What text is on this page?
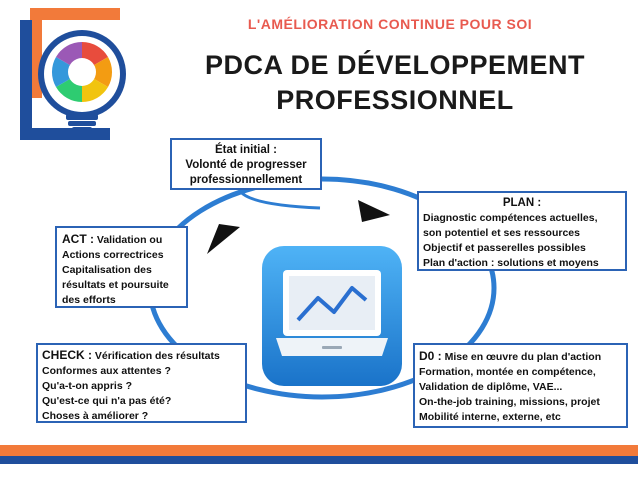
L'AMÉLIORATION CONTINUE POUR SOI
PDCA DE DÉVELOPPEMENT
PROFESSIONNEL
État initial :
Volonté de progresser
professionnellement
PLAN :
Diagnostic compétences actuelles,
son potentiel et ses ressources
Objectif et passerelles possibles
Plan d'action : solutions et moyens
ACT : Validation ou
Actions correctrices
Capitalisation des
résultats et poursuite
des efforts
CHECK : Vérification des résultats
Conformes aux attentes ?
Qu'a-t-on appris ?
Qu'est-ce qui n'a pas été?
Choses à améliorer ?
D0 : Mise en œuvre du plan d'action
Formation, montée en compétence,
Validation de diplôme, VAE...
On-the-job training, missions, projet
Mobilité interne, externe, etc
